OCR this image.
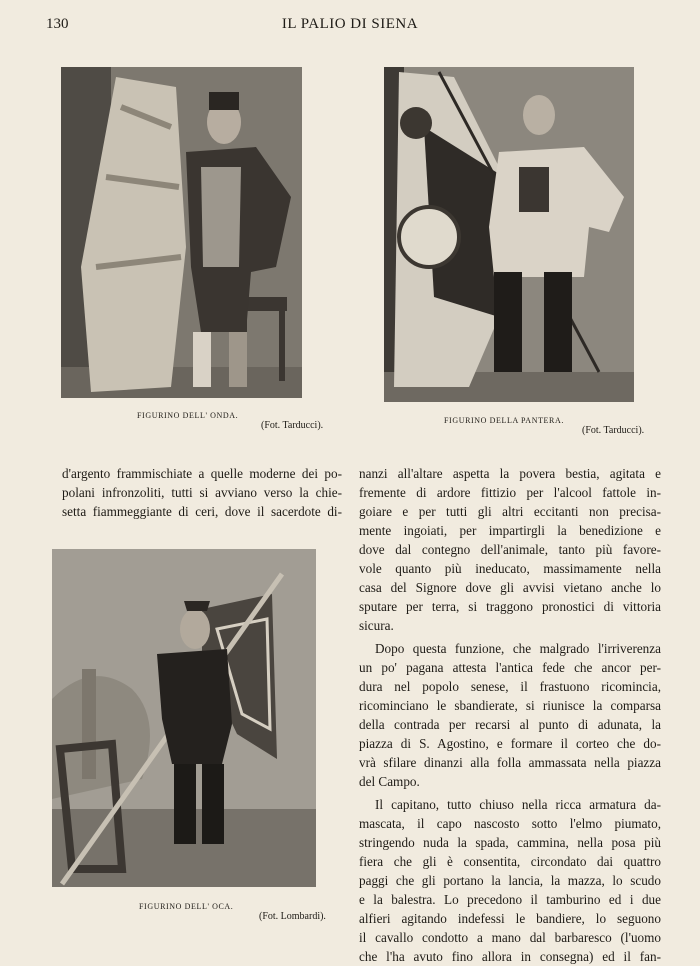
130	IL PALIO DI SIENA
FIGURINO DELL' ONDA.
(Fot. Tarducci).	FIGURINO DELLA PANTERA.
(Fot. Tarducci).
d'argento frammischiate a quelle moderne dei po-
polani infronzoliti, tutti si avviano verso la chie-
setta fiammeggiante di ceri, dove il sacerdote di-
FIGURINO DELL' OCA.
(Fot. Lombardi).
nanzi all'altare aspetta la povera bestia, agitata e
fremente di ardore fittizio per l'alcool fattole in-
goiare e per tutti gli altri eccitanti non precisa-
mente ingoiati, per impartirgli la benedizione e
dove dal contegno dell'animale, tanto più favore-
vole quanto più ineducato, massimamente nella
casa del Signore dove gli avvisi vietano anche lo
sputare per terra, si traggono pronostici di vittoria
sicura.
Dopo questa funzione, che malgrado l'irriverenza
un po' pagana attesta l'antica fede che ancor per-
dura nel popolo senese, il frastuono ricomincia,
ricominciano le sbandierate, si riunisce la comparsa
della contrada per recarsi al punto di adunata, la
piazza di S. Agostino, e formare il corteo che do-
vrà sfilare dinanzi alla folla ammassata nella piazza
del Campo.
Il capitano, tutto chiuso nella ricca armatura da-
mascata, il capo nascosto sotto l'elmo piumato,
stringendo nuda la spada, cammina, nella posa più
fiera che gli è consentita, circondato dai quattro
paggi che gli portano la lancia, la mazza, lo scudo
e la balestra. Lo precedono il tamburino ed i due
alfieri agitando indefessi le bandiere, lo seguono
il cavallo condotto a mano dal barbaresco (l'uomo
che l'ha avuto fino allora in consegna) ed il fan-
